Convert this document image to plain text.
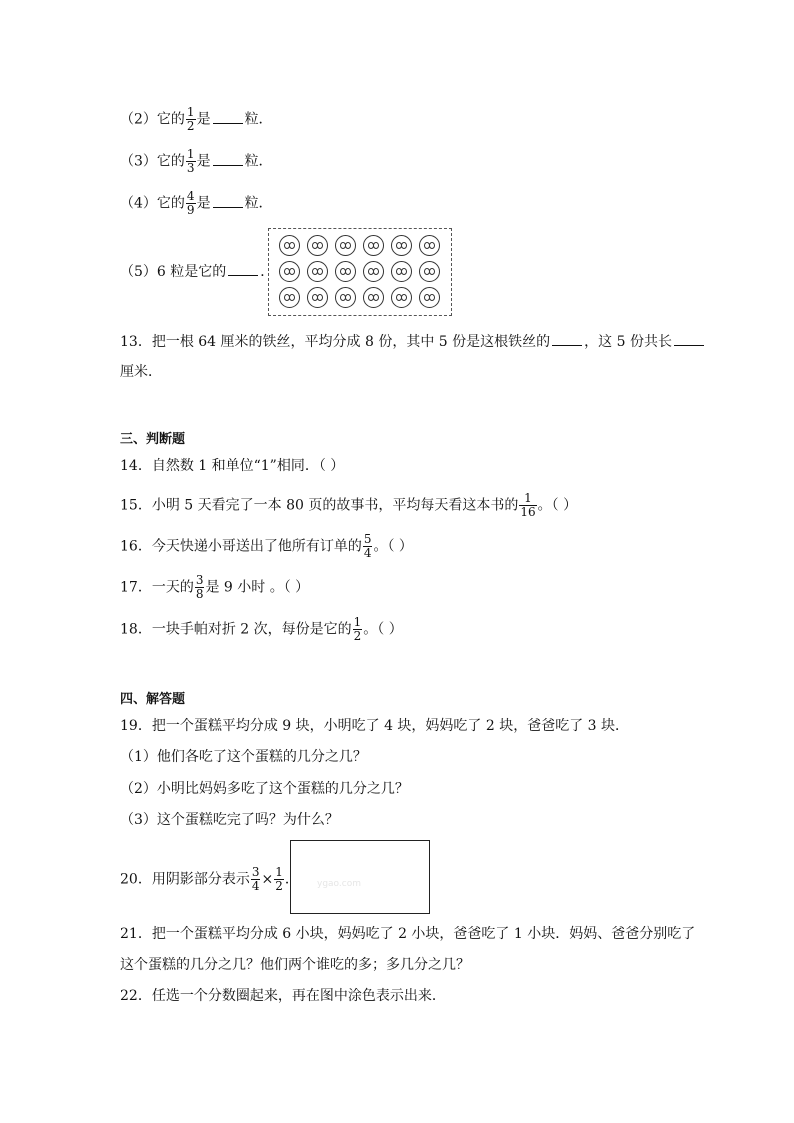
（2）它的 $\frac{1}{2}$ 是 粒．
（3）它的 $\frac{1}{3}$ 是 粒．
（4）它的 $\frac{4}{9}$ 是 粒．
（5）6 粒是它的 ．
13．把一根 64 厘米的铁丝，平均分成 8 份，其中 5 份是这根铁丝的 ，这 5 份共长
厘米．
三、判断题
14．自然数 1 和单位“1”相同．（ ）
15．小明 5 天看完了一本 80 页的故事书，平均每天看这本书的 $\frac{1}{16}$ 。（ ）
16．今天快递小哥送出了他所有订单的 $\frac{5}{4}$ 。（ ）
17．一天的 $\frac{3}{8}$ 是 9 小时 。（ ）
18．一块手帕对折 2 次，每份是它的 $\frac{1}{2}$ 。（ ）
四、解答题
19．把一个蛋糕平均分成 9 块，小明吃了 4 块，妈妈吃了 2 块，爸爸吃了 3 块．
（1）他们各吃了这个蛋糕的几分之几？
（2）小明比妈妈多吃了这个蛋糕的几分之几？
（3）这个蛋糕吃完了吗？为什么？
20．用阴影部分表示 $\frac{3}{4} \times \frac{1}{2}$ ． ygao.com
21．把一个蛋糕平均分成 6 小块，妈妈吃了 2 小块，爸爸吃了 1 小块．妈妈、爸爸分别吃了
这个蛋糕的几分之几？他们两个谁吃的多；多几分之几？
22．任选一个分数圈起来，再在图中涂色表示出来．
